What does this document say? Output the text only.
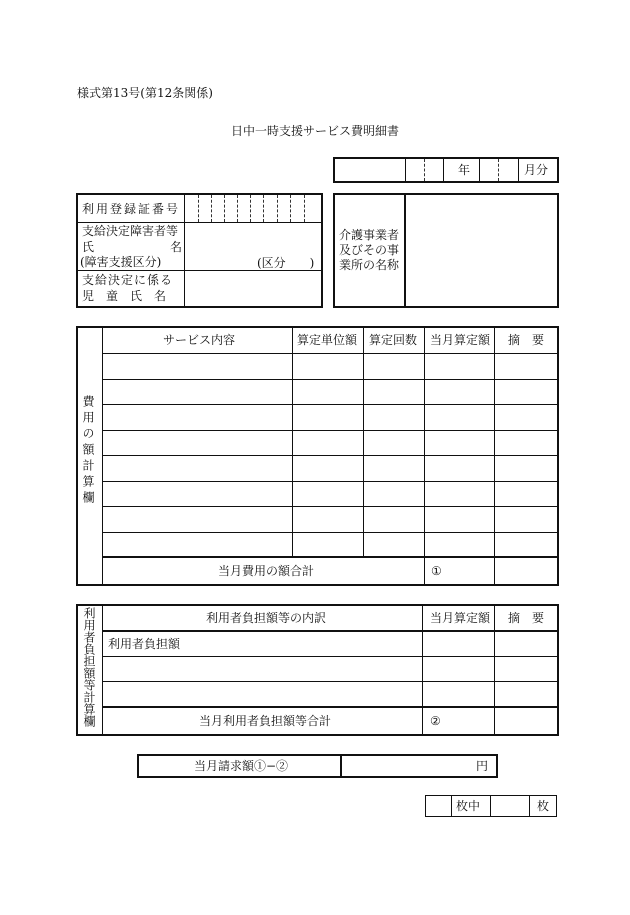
様式第13号(第12条関係)
日中一時支援サービス費明細書
年	月分
利用登録証番号
支給決定障害者等
氏	名
(障害支援区分)	(区分　　)
支給決定に係る
児　童　氏　名
介護事業者
及びその事
業所の名称
費用の額計算欄
サービス内容	算定単位額 算定回数 当月算定額 摘　要
当月費用の額合計	①
利用者負担額等計算欄	利用者負担額等の内訳	当月算定額 摘　要
利用者負担額
当月利用者負担額等合計	②
当月請求額①−②	円
枚中	枚
